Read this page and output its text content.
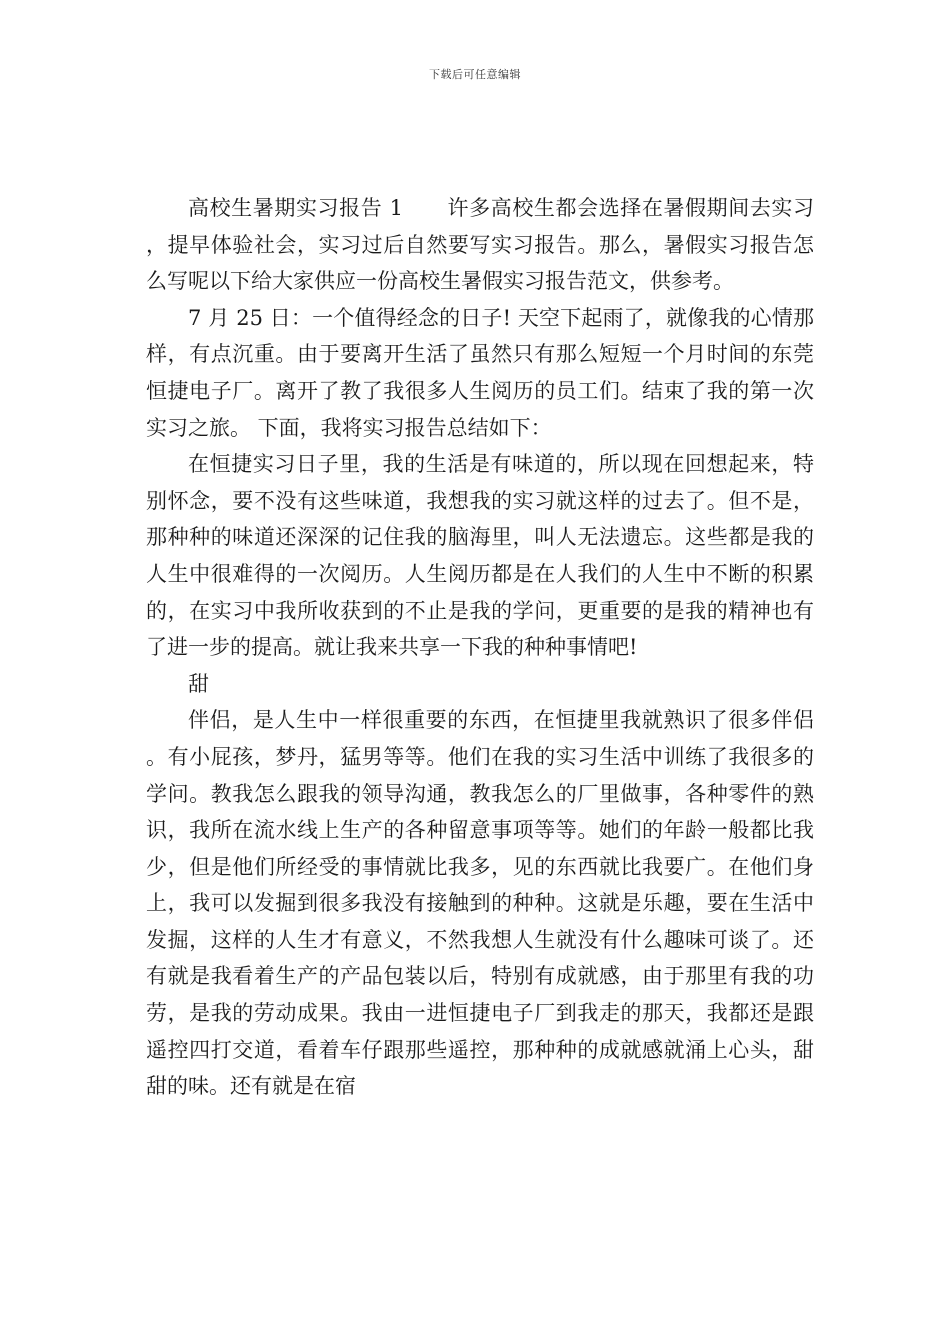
下载后可任意编辑

高校生暑期实习报告 1 许多高校生都会选择在暑假期间去实习，提早体验社会，实习过后自然要写实习报告。那么，暑假实习报告怎么写呢以下给大家供应一份高校生暑假实习报告范文，供参考。

7 月 25 日：一个值得经念的日子! 天空下起雨了，就像我的心情那样，有点沉重。由于要离开生活了虽然只有那么短短一个月时间的东莞恒捷电子厂。离开了教了我很多人生阅历的员工们。结束了我的第一次实习之旅。 下面，我将实习报告总结如下：

在恒捷实习日子里，我的生活是有味道的，所以现在回想起来，特别怀念，要不没有这些味道，我想我的实习就这样的过去了。但不是，那种种的味道还深深的记住我的脑海里，叫人无法遗忘。这些都是我的人生中很难得的一次阅历。人生阅历都是在人我们的人生中不断的积累的，在实习中我所收获到的不止是我的学问，更重要的是我的精神也有了进一步的提高。就让我来共享一下我的种种事情吧!

甜

伴侣，是人生中一样很重要的东西，在恒捷里我就熟识了很多伴侣。有小屁孩，梦丹，猛男等等。他们在我的实习生活中训练了我很多的学问。教我怎么跟我的领导沟通，教我怎么的厂里做事，各种零件的熟识，我所在流水线上生产的各种留意事项等等。她们的年龄一般都比我少，但是他们所经受的事情就比我多，见的东西就比我要广。在他们身上，我可以发掘到很多我没有接触到的种种。这就是乐趣，要在生活中发掘，这样的人生才有意义，不然我想人生就没有什么趣味可谈了。还有就是我看着生产的产品包装以后，特别有成就感，由于那里有我的功劳，是我的劳动成果。我由一进恒捷电子厂到我走的那天，我都还是跟遥控四打交道，看着车仔跟那些遥控，那种种的成就感就涌上心头，甜甜的味。还有就是在宿
